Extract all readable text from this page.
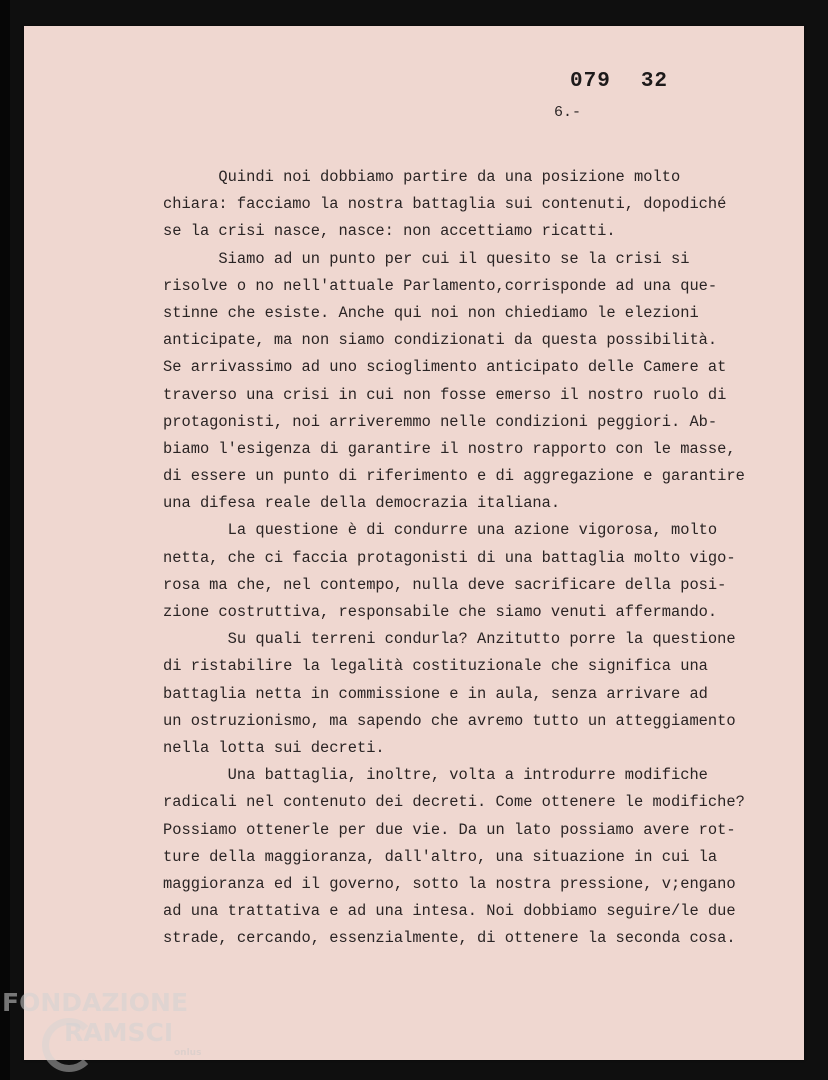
079 32
6.-
Quindi noi dobbiamo partire da una posizione molto
chiara: facciamo la nostra battaglia sui contenuti, dopodiché
se la crisi nasce, nasce: non accettiamo ricatti.
Siamo ad un punto per cui il quesito se la crisi si
risolve o no nell'attuale Parlamento,corrisponde ad una que-
stinne che esiste. Anche qui noi non chiediamo le elezioni
anticipate, ma non siamo condizionati da questa possibilità.
Se arrivassimo ad uno scioglimento anticipato delle Camere at
traverso una crisi in cui non fosse emerso il nostro ruolo di
protagonisti, noi arriveremmo nelle condizioni peggiori. Ab-
biamo l'esigenza di garantire il nostro rapporto con le masse,
di essere un punto di riferimento e di aggregazione e garantire
una difesa reale della democrazia italiana.
La questione è di condurre una azione vigorosa, molto
netta, che ci faccia protagonisti di una battaglia molto vigo-
rosa ma che, nel contempo, nulla deve sacrificare della posi-
zione costruttiva, responsabile che siamo venuti affermando.
Su quali terreni condurla? Anzitutto porre la questione
di ristabilire la legalità costituzionale che significa una
battaglia netta in commissione e in aula, senza arrivare ad
un ostruzionismo, ma sapendo che avremo tutto un atteggiamento
nella lotta sui decreti.
Una battaglia, inoltre, volta a introdurre modifiche
radicali nel contenuto dei decreti. Come ottenere le modifiche?
Possiamo ottenerle per due vie. Da un lato possiamo avere rot-
ture della maggioranza, dall'altro, una situazione in cui la
maggioranza ed il governo, sotto la nostra pressione, v;engano
ad una trattativa e ad una intesa. Noi dobbiamo seguire/le due
strade, cercando, essenzialmente, di ottenere la seconda cosa.
FONDAZIONE
RAMSCI
onlus
